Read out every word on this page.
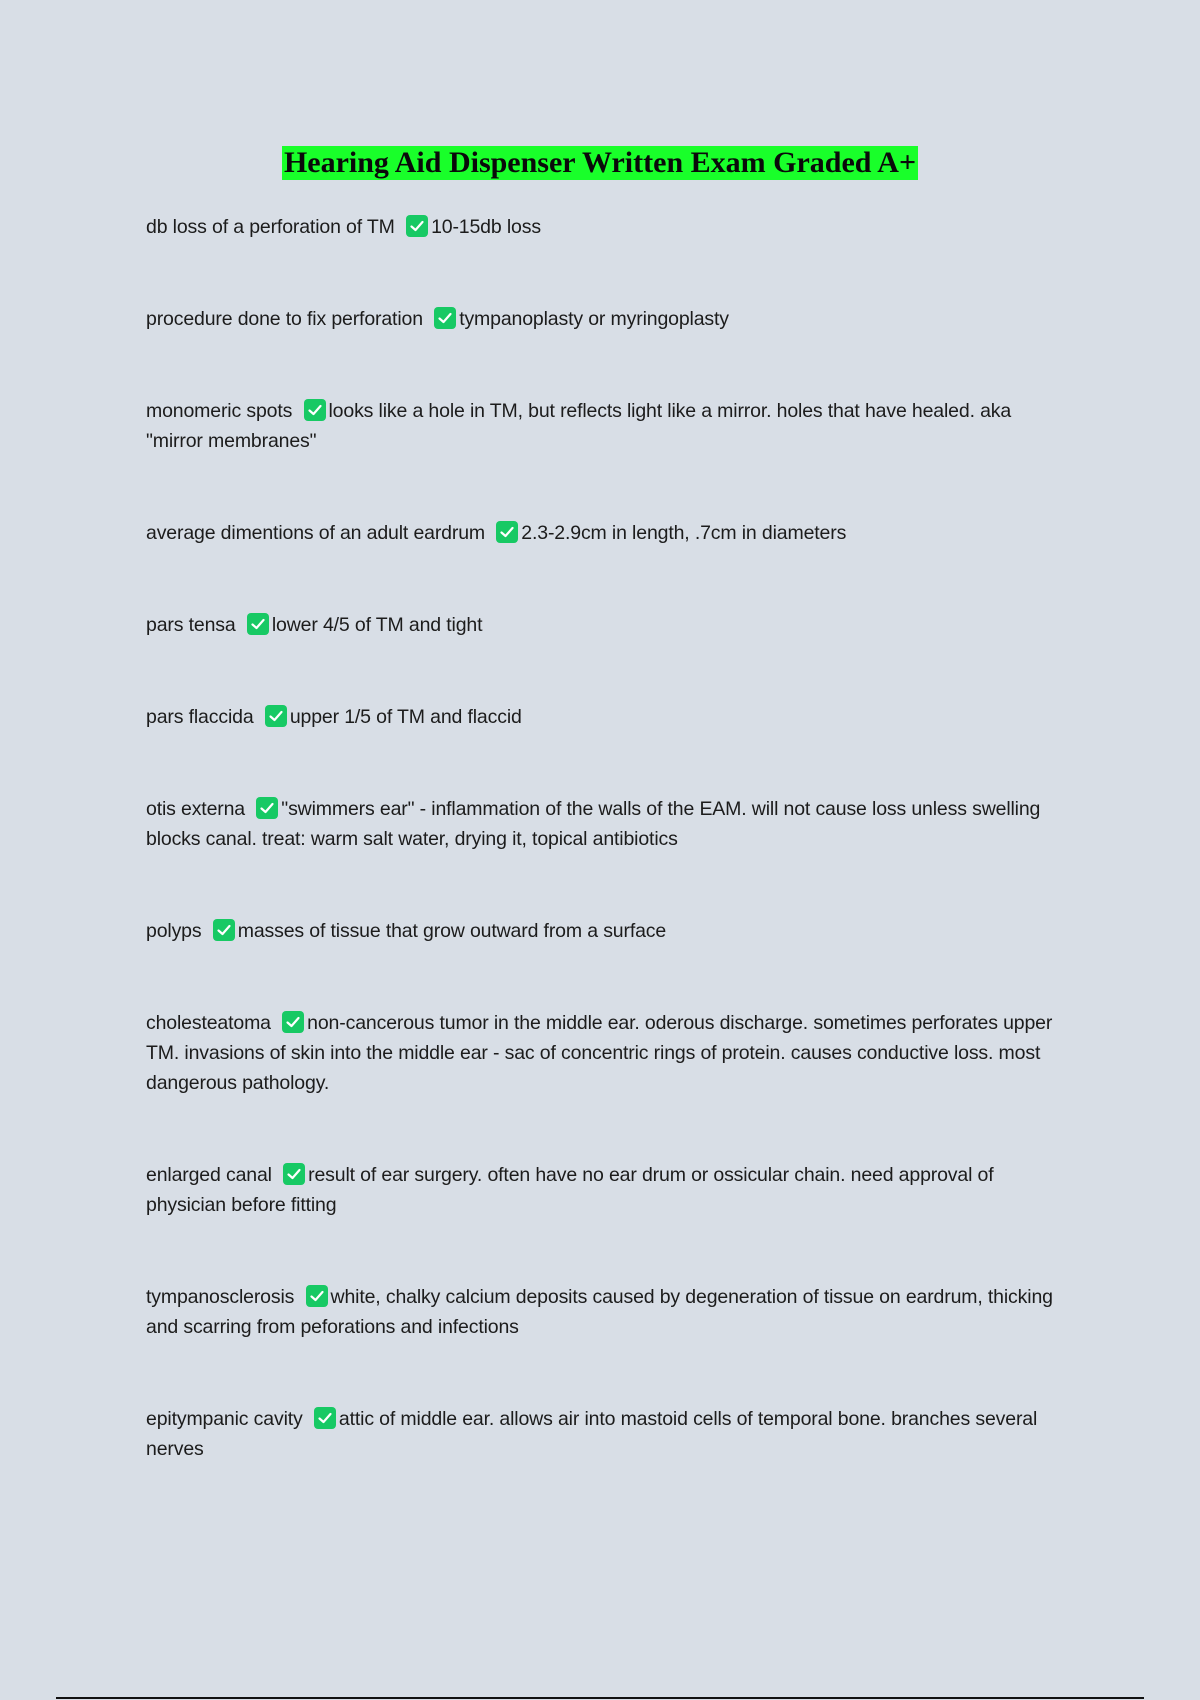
Hearing Aid Dispenser Written Exam Graded A+
db loss of a perforation of TM 10-15db loss
procedure done to fix perforation tympanoplasty or myringoplasty
monomeric spots looks like a hole in TM, but reflects light like a mirror. holes that have healed. aka "mirror membranes"
average dimentions of an adult eardrum 2.3-2.9cm in length, .7cm in diameters
pars tensa lower 4/5 of TM and tight
pars flaccida upper 1/5 of TM and flaccid
otis externa "swimmers ear" - inflammation of the walls of the EAM. will not cause loss unless swelling blocks canal. treat: warm salt water, drying it, topical antibiotics
polyps masses of tissue that grow outward from a surface
cholesteatoma non-cancerous tumor in the middle ear. oderous discharge. sometimes perforates upper TM. invasions of skin into the middle ear - sac of concentric rings of protein. causes conductive loss. most dangerous pathology.
enlarged canal result of ear surgery. often have no ear drum or ossicular chain. need approval of physician before fitting
tympanosclerosis white, chalky calcium deposits caused by degeneration of tissue on eardrum, thicking and scarring from peforations and infections
epitympanic cavity attic of middle ear. allows air into mastoid cells of temporal bone. branches several nerves
